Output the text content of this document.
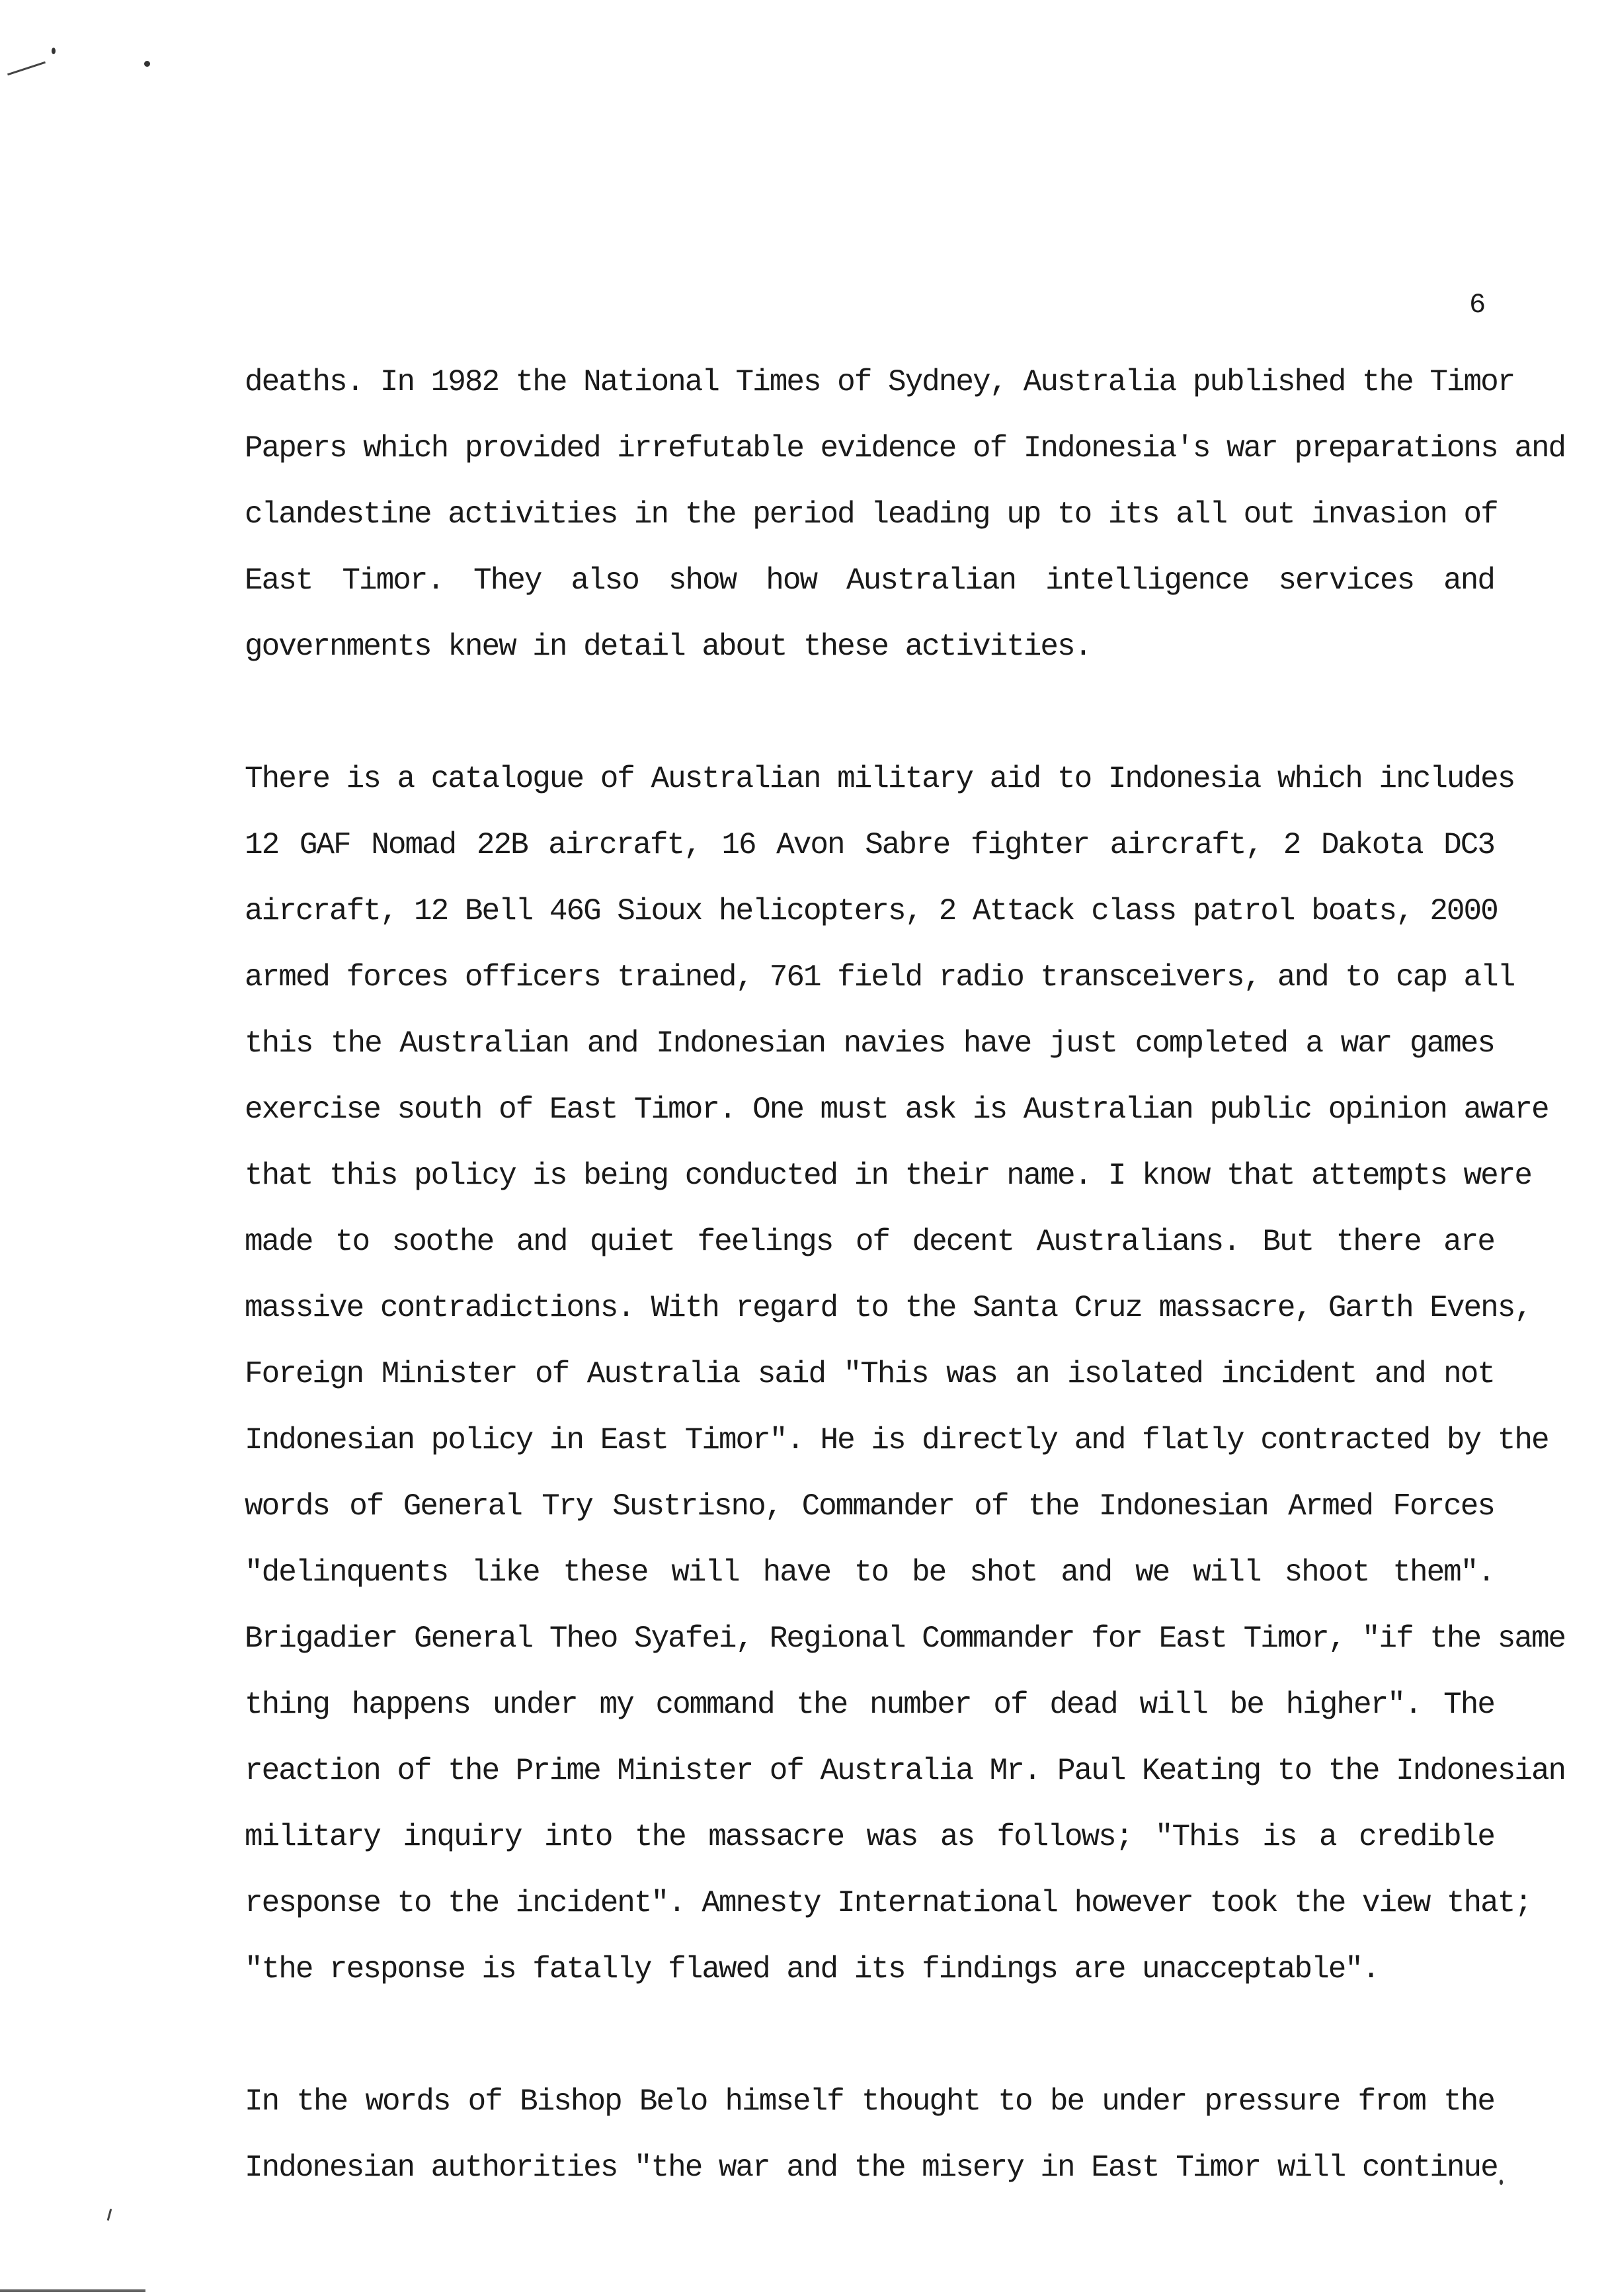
6

deaths. In 1982 the National Times of Sydney, Australia published the Timor
Papers which provided irrefutable evidence of Indonesia's war preparations and
clandestine activities in the period leading up to its all out invasion of
East Timor. They also show how Australian intelligence services and
governments knew in detail about these activities.

There is a catalogue of Australian military aid to Indonesia which includes
12 GAF Nomad 22B aircraft, 16 Avon Sabre fighter aircraft, 2 Dakota DC3
aircraft, 12 Bell 46G Sioux helicopters, 2 Attack class patrol boats, 2000
armed forces officers trained, 761 field radio transceivers, and to cap all
this the Australian and Indonesian navies have just completed a war games
exercise south of East Timor. One must ask is Australian public opinion aware
that this policy is being conducted in their name. I know that attempts were
made to soothe and quiet feelings of decent Australians. But there are
massive contradictions. With regard to the Santa Cruz massacre, Garth Evens,
Foreign Minister of Australia said "This was an isolated incident and not
Indonesian policy in East Timor". He is directly and flatly contracted by the
words of General Try Sustrisno, Commander of the Indonesian Armed Forces
"delinquents like these will have to be shot and we will shoot them".
Brigadier General Theo Syafei, Regional Commander for East Timor, "if the same
thing happens under my command the number of dead will be higher". The
reaction of the Prime Minister of Australia Mr. Paul Keating to the Indonesian
military inquiry into the massacre was as follows; "This is a credible
response to the incident". Amnesty International however took the view that;
"the response is fatally flawed and its findings are unacceptable".

In the words of Bishop Belo himself thought to be under pressure from the
Indonesian authorities "the war and the misery in East Timor will continue
